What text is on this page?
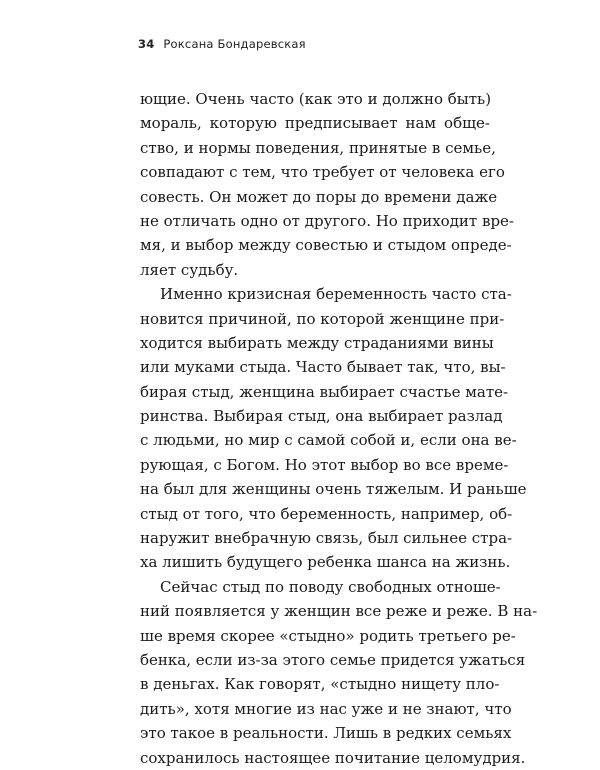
34 Роксана Бондаревская
ющие. Очень часто (как это и должно быть)
мораль, которую предписывает нам обще-
ство, и нормы поведения, принятые в семье,
совпадают с тем, что требует от человека его
совесть. Он может до поры до времени даже
не отличать одно от другого. Но приходит вре-
мя, и выбор между совестью и стыдом опреде-
ляет судьбу.
Именно кризисная беременность часто ста-
новится причиной, по которой женщине при-
ходится выбирать между страданиями вины
или муками стыда. Часто бывает так, что, вы-
бирая стыд, женщина выбирает счастье мате-
ринства. Выбирая стыд, она выбирает разлад
с людьми, но мир с самой собой и, если она ве-
рующая, с Богом. Но этот выбор во все време-
на был для женщины очень тяжелым. И раньше
стыд от того, что беременность, например, об-
наружит внебрачную связь, был сильнее стра-
ха лишить будущего ребенка шанса на жизнь.
Сейчас стыд по поводу свободных отноше-
ний появляется у женщин все реже и реже. В на-
ше время скорее «стыдно» родить третьего ре-
бенка, если из-за этого семье придется ужаться
в деньгах. Как говорят, «стыдно нищету пло-
дить», хотя многие из нас уже и не знают, что
это такое в реальности. Лишь в редких семьях
сохранилось настоящее почитание целомудрия.
